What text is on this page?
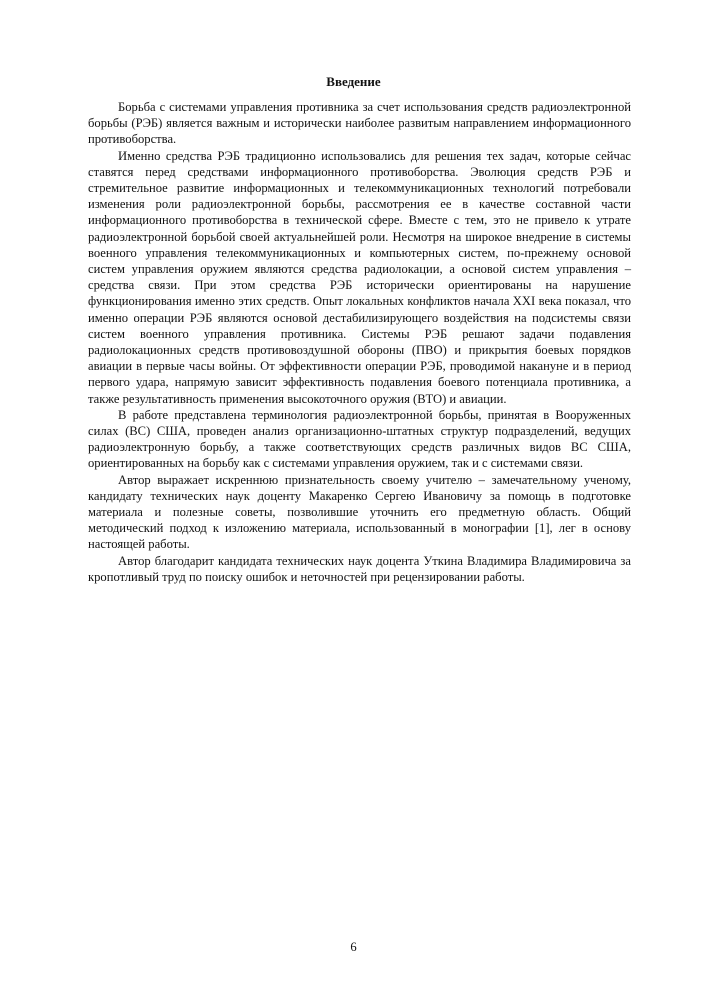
Введение

Борьба с системами управления противника за счет использования средств радиоэлектронной борьбы (РЭБ) является важным и исторически наиболее развитым направлением информационного противоборства.

Именно средства РЭБ традиционно использовались для решения тех задач, которые сейчас ставятся перед средствами информационного противоборства. Эволюция средств РЭБ и стремительное развитие информационных и телекоммуникационных технологий потребовали изменения роли радиоэлектронной борьбы, рассмотрения ее в качестве составной части информационного противоборства в технической сфере. Вместе с тем, это не привело к утрате радиоэлектронной борьбой своей актуальнейшей роли. Несмотря на широкое внедрение в системы военного управления телекоммуникационных и компьютерных систем, по-прежнему основой систем управления оружием являются средства радиолокации, а основой систем управления – средства связи. При этом средства РЭБ исторически ориентированы на нарушение функционирования именно этих средств. Опыт локальных конфликтов начала XXI века показал, что именно операции РЭБ являются основой дестабилизирующего воздействия на подсистемы связи систем военного управления противника. Системы РЭБ решают задачи подавления радиолокационных средств противовоздушной обороны (ПВО) и прикрытия боевых порядков авиации в первые часы войны. От эффективности операции РЭБ, проводимой накануне и в период первого удара, напрямую зависит эффективность подавления боевого потенциала противника, а также результативность применения высокоточного оружия (ВТО) и авиации.

В работе представлена терминология радиоэлектронной борьбы, принятая в Вооруженных силах (ВС) США, проведен анализ организационно-штатных структур подразделений, ведущих радиоэлектронную борьбу, а также соответствующих средств различных видов ВС США, ориентированных на борьбу как с системами управления оружием, так и с системами связи.

Автор выражает искреннюю признательность своему учителю – замечательному ученому, кандидату технических наук доценту Макаренко Сергею Ивановичу за помощь в подготовке материала и полезные советы, позволившие уточнить его предметную область. Общий методический подход к изложению материала, использованный в монографии [1], лег в основу настоящей работы.

Автор благодарит кандидата технических наук доцента Уткина Владимира Владимировича за кропотливый труд по поиску ошибок и неточностей при рецензировании работы.

6
